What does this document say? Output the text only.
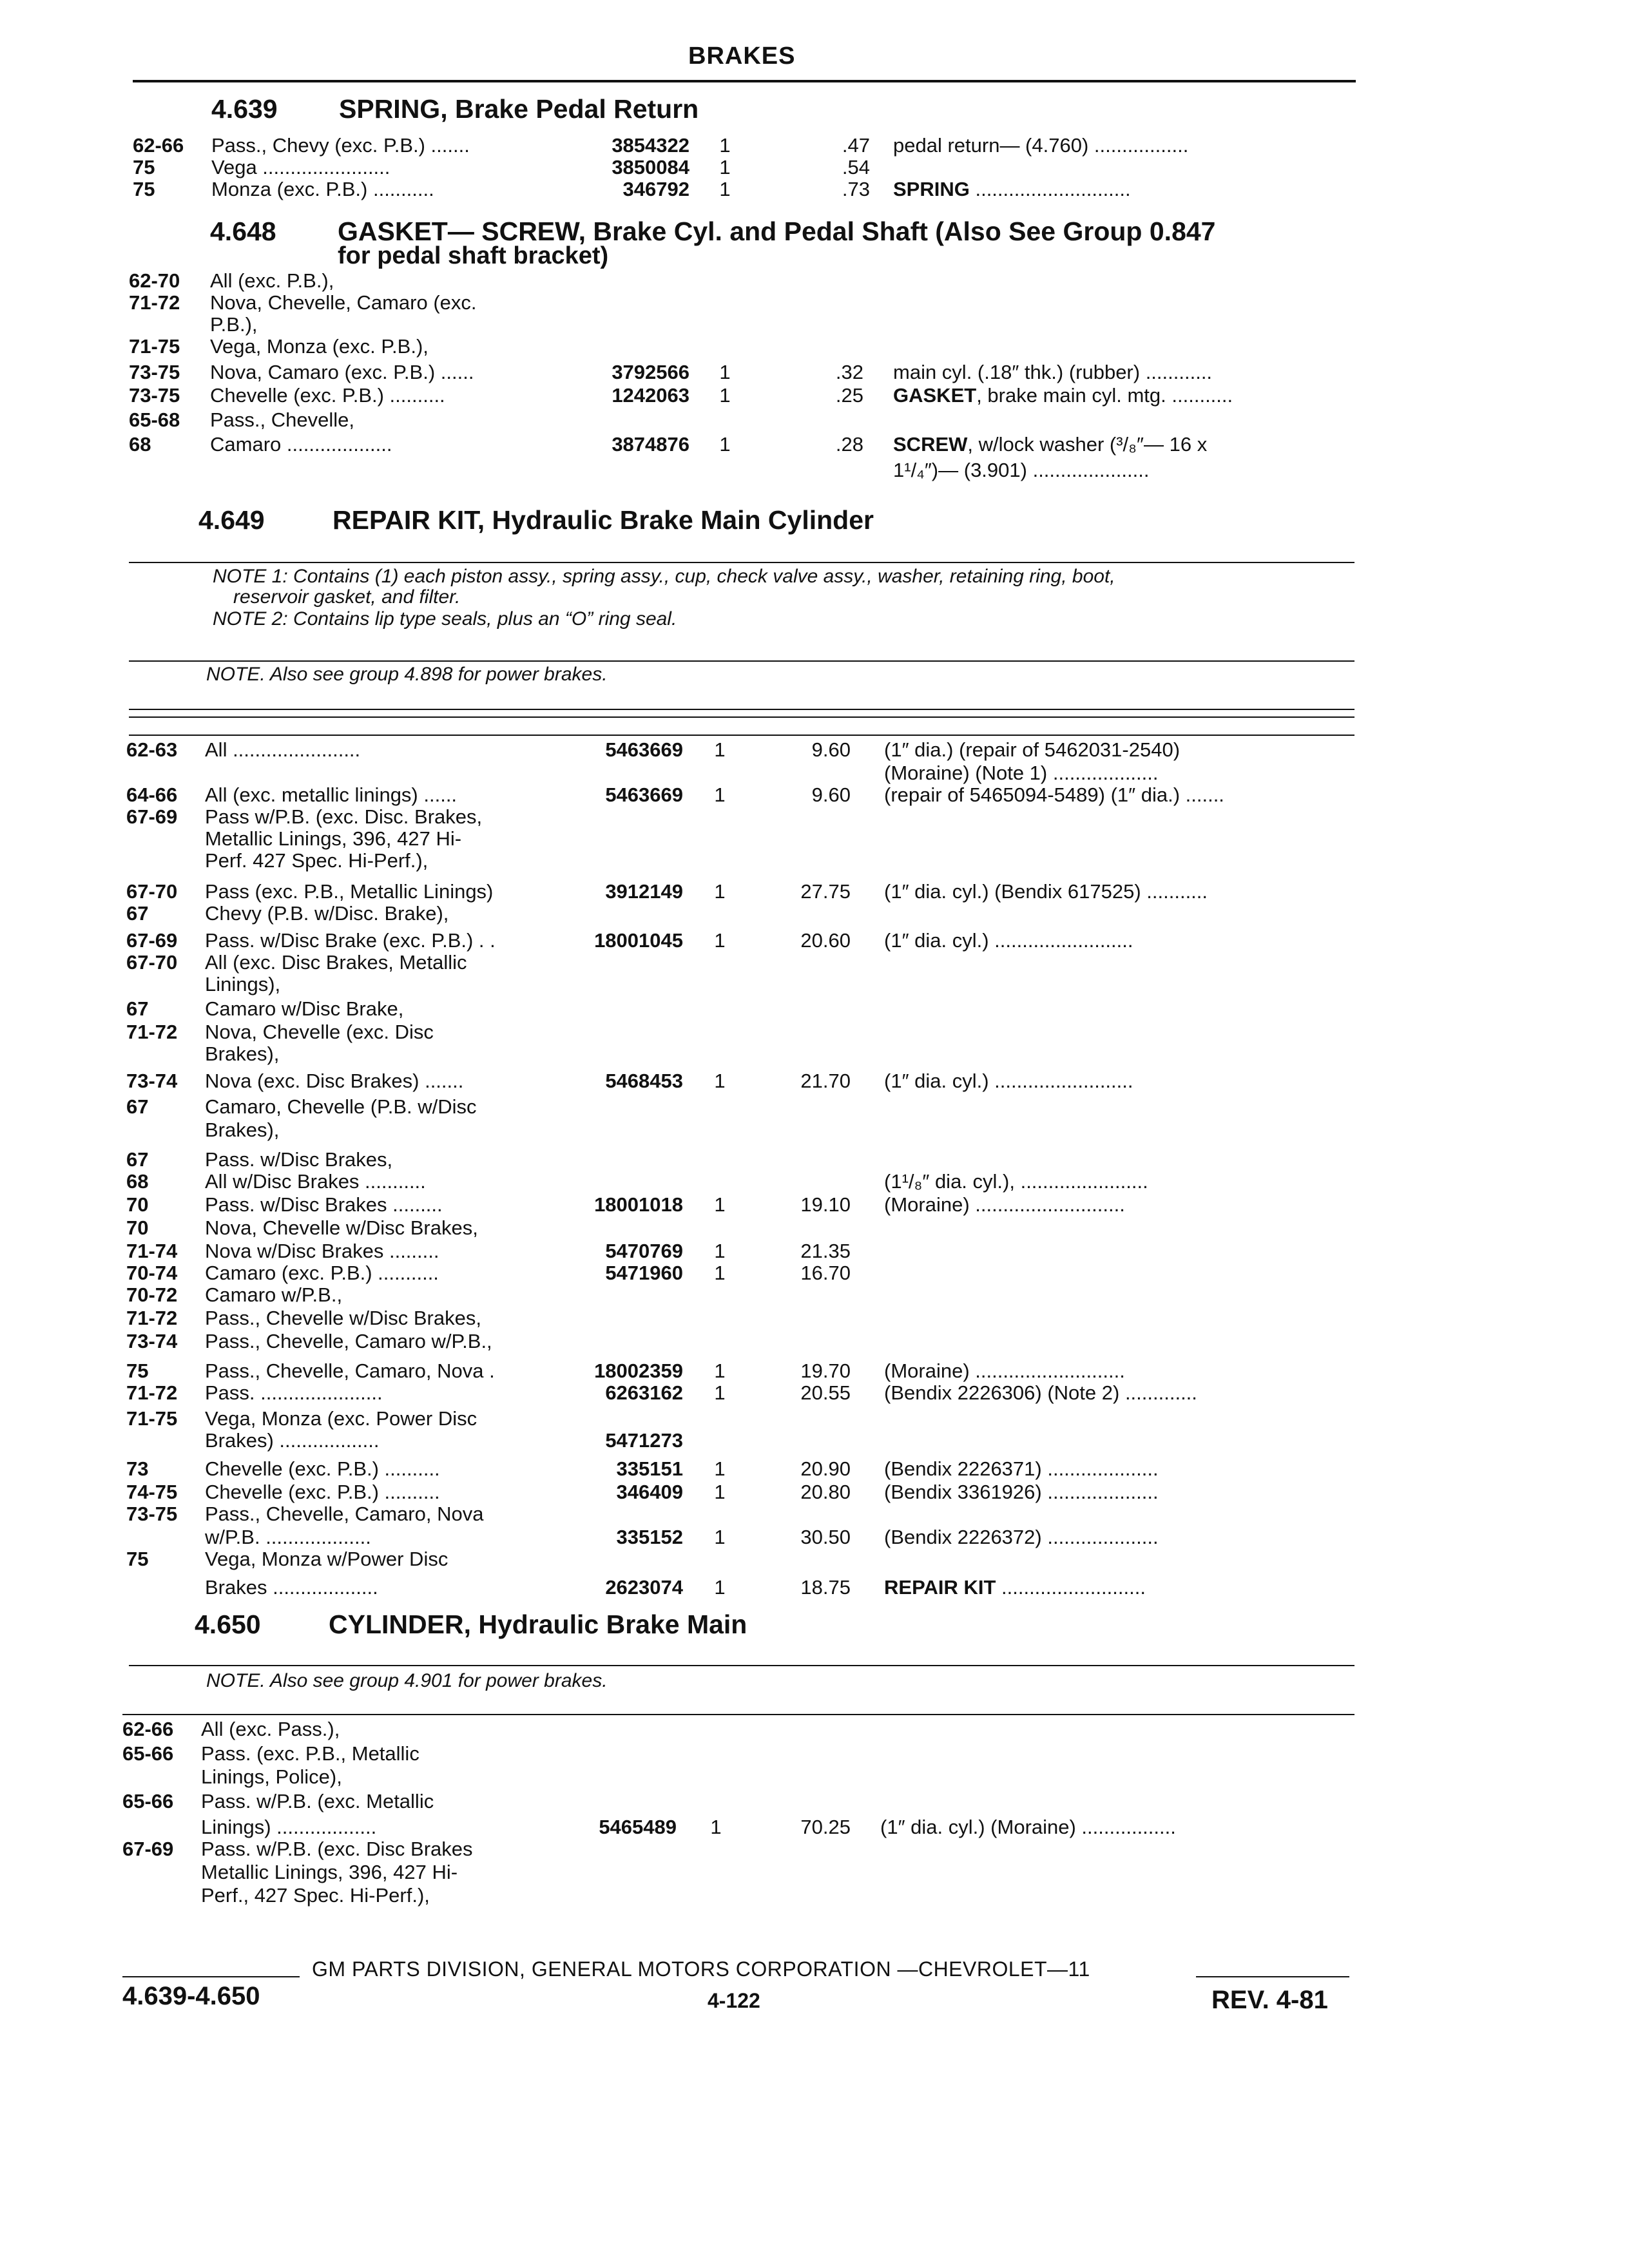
BRAKES
4.639 SPRING, Brake Pedal Return
62-66 Pass., Chevy (exc. P.B.) .......	3854322 1	.47 pedal return— (4.760) .................
75	Vega .......................	3850084 1	.54
75	Monza (exc. P.B.) ...........	346792 1	.73 SPRING ............................
4.648 GASKET— SCREW, Brake Cyl. and Pedal Shaft (Also See Group 0.847
for pedal shaft bracket)
62-70 All (exc. P.B.),
71-72 Nova, Chevelle, Camaro (exc.
P.B.),
71-75 Vega, Monza (exc. P.B.),
73-75 Nova, Camaro (exc. P.B.) ......	3792566 1	.32 main cyl. (.18″ thk.) (rubber) ............
73-75 Chevelle (exc. P.B.) ..........	1242063 1	.25 GASKET, brake main cyl. mtg. ...........
65-68 Pass., Chevelle,
68	Camaro ...................	3874876 1	.28 SCREW, w/lock washer (³/₈″— 16 x
1¹/₄″)— (3.901) .....................
4.649	REPAIR KIT, Hydraulic Brake Main Cylinder
NOTE 1: Contains (1) each piston assy., spring assy., cup, check valve assy., washer, retaining ring, boot,
reservoir gasket, and filter.
NOTE 2: Contains lip type seals, plus an “O” ring seal.
NOTE. Also see group 4.898 for power brakes.
62-63 All .......................	5463669 1	9.60 (1″ dia.) (repair of 5462031-2540)
(Moraine) (Note 1) ...................
64-66 All (exc. metallic linings) ......	5463669 1	9.60 (repair of 5465094-5489) (1″ dia.) .......
67-69 Pass w/P.B. (exc. Disc. Brakes,
Metallic Linings, 396, 427 Hi-
Perf. 427 Spec. Hi-Perf.),
67-70 Pass (exc. P.B., Metallic Linings)	3912149 1	27.75 (1″ dia. cyl.) (Bendix 617525) ...........
67	Chevy (P.B. w/Disc. Brake),
67-69 Pass. w/Disc Brake (exc. P.B.) . .	18001045 1	20.60 (1″ dia. cyl.) .........................
67-70 All (exc. Disc Brakes, Metallic
Linings),
67	Camaro w/Disc Brake,
71-72 Nova, Chevelle (exc. Disc
Brakes),
73-74 Nova (exc. Disc Brakes) .......	5468453 1	21.70 (1″ dia. cyl.) .........................
67	Camaro, Chevelle (P.B. w/Disc
Brakes),
67	Pass. w/Disc Brakes,
68	All w/Disc Brakes ...........	(1¹/₈″ dia. cyl.), .......................
70	Pass. w/Disc Brakes .........	18001018 1	19.10 (Moraine) ...........................
70	Nova, Chevelle w/Disc Brakes,
71-74 Nova w/Disc Brakes .........	5470769 1	21.35
70-74 Camaro (exc. P.B.) ...........	5471960 1	16.70
70-72 Camaro w/P.B.,
71-72 Pass., Chevelle w/Disc Brakes,
73-74 Pass., Chevelle, Camaro w/P.B.,
75	Pass., Chevelle, Camaro, Nova .	18002359 1	19.70 (Moraine) ...........................
71-72 Pass. ......................	6263162 1	20.55 (Bendix 2226306) (Note 2) .............
71-75 Vega, Monza (exc. Power Disc
Brakes) ..................	5471273
73	Chevelle (exc. P.B.) ..........	335151 1	20.90 (Bendix 2226371) ....................
74-75 Chevelle (exc. P.B.) ..........	346409 1	20.80 (Bendix 3361926) ....................
73-75 Pass., Chevelle, Camaro, Nova
w/P.B. ...................	335152 1	30.50 (Bendix 2226372) ....................
75	Vega, Monza w/Power Disc
Brakes ...................	2623074 1	18.75 REPAIR KIT ..........................
4.650	CYLINDER, Hydraulic Brake Main
NOTE. Also see group 4.901 for power brakes.
62-66 All (exc. Pass.),
65-66 Pass. (exc. P.B., Metallic
Linings, Police),
65-66 Pass. w/P.B. (exc. Metallic
Linings) ..................	5465489 1	70.25 (1″ dia. cyl.) (Moraine) .................
67-69 Pass. w/P.B. (exc. Disc Brakes
Metallic Linings, 396, 427 Hi-
Perf., 427 Spec. Hi-Perf.),
GM PARTS DIVISION, GENERAL MOTORS CORPORATION —CHEVROLET—11
4.639-4.650	4-122	REV. 4-81
